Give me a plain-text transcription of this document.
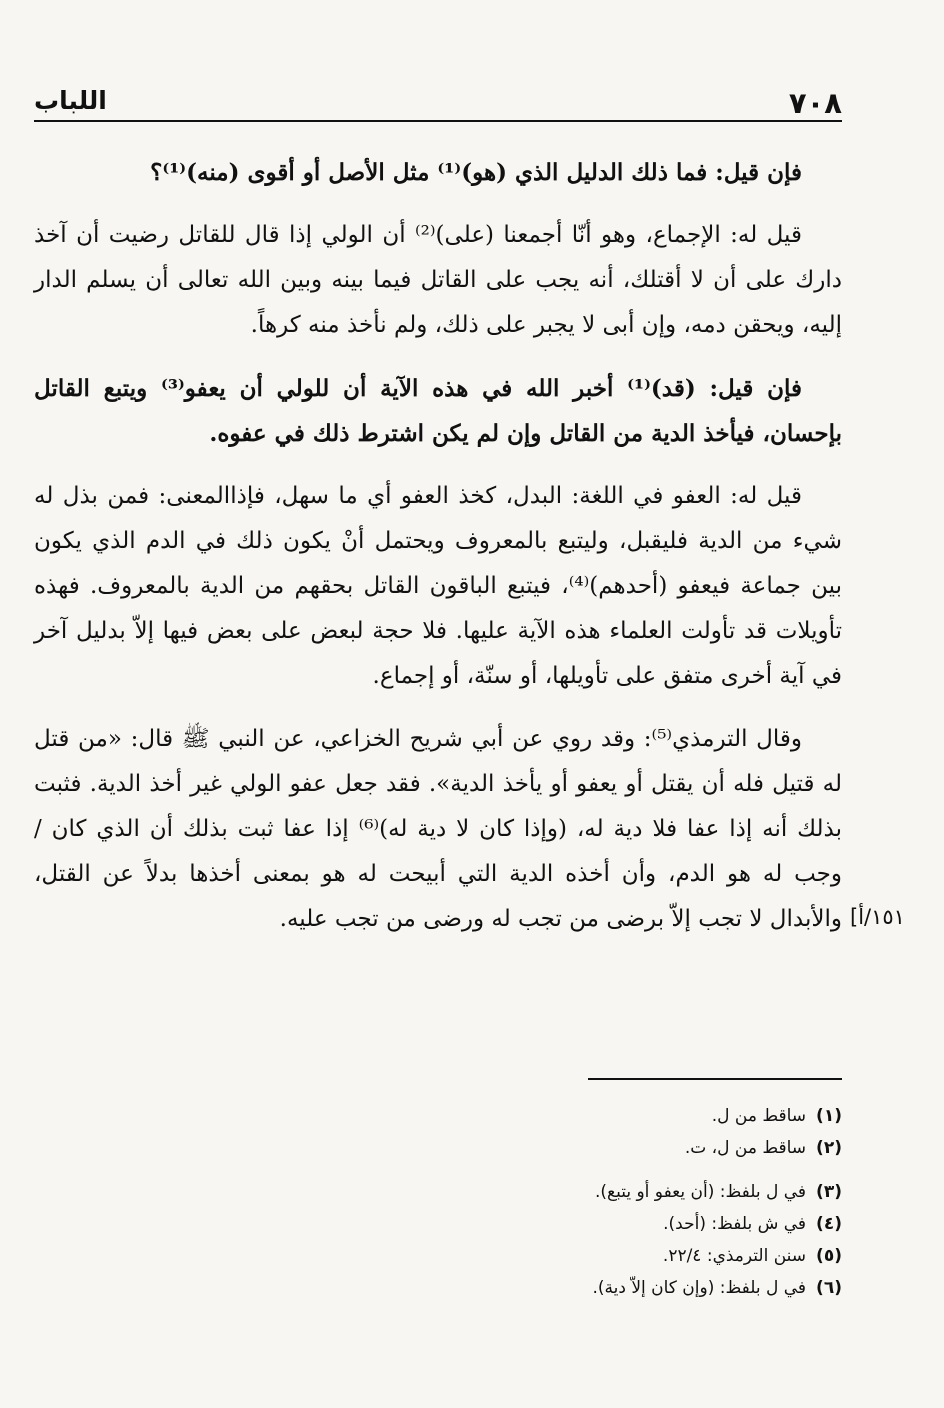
٧٠٨
اللباب

فإن قيل: فما ذلك الدليل الذي (هو)⁽¹⁾ مثل الأصل أو أقوى (منه)⁽¹⁾؟

قيل له: الإجماع، وهو أنّا أجمعنا (على)⁽²⁾ أن الولي إذا قال للقاتل رضيت أن آخذ دارك على أن لا أقتلك، أنه يجب على القاتل فيما بينه وبين الله تعالى أن يسلم الدار إليه، ويحقن دمه، وإن أبى لا يجبر على ذلك، ولم نأخذ منه كرهاً.

فإن قيل: (قد)⁽¹⁾ أخبر الله في هذه الآية أن للولي أن يعفو⁽³⁾ ويتبع القاتل بإحسان، فيأخذ الدية من القاتل وإن لم يكن اشترط ذلك في عفوه.

قيل له: العفو في اللغة: البدل، كخذ العفو أي ما سهل، فإذاالمعنى: فمن بذل له شيء من الدية فليقبل، وليتبع بالمعروف ويحتمل أنْ يكون ذلك في الدم الذي يكون بين جماعة فيعفو (أحدهم)⁽⁴⁾، فيتبع الباقون القاتل بحقهم من الدية بالمعروف. فهذه تأويلات قد تأولت العلماء هذه الآية عليها. فلا حجة لبعض على بعض فيها إلاّ بدليل آخر في آية أخرى متفق على تأويلها، أو سنّة، أو إجماع.

وقال الترمذي⁽⁵⁾: وقد روي عن أبي شريح الخزاعي، عن النبي ﷺ قال: «من قتل له قتيل فله أن يقتل أو يعفو أو يأخذ الدية». فقد جعل عفو الولي غير أخذ الدية. فثبت بذلك أنه إذا عفا فلا دية له، (وإذا كان لا دية له)⁽⁶⁾ إذا عفا ثبت بذلك أن الذي كان / وجب له هو الدم، وأن أخذه الدية التي أبيحت له هو بمعنى أخذها بدلاً عن القتل، والأبدال لا تجب إلاّ برضى من تجب له ورضى من تجب عليه. ١٥١/أ]
(١)ساقط من ل.
(٢)ساقط من ل، ت.
(٣)في ل بلفظ: (أن يعفو أو يتبع).
(٤)في ش بلفظ: (أحد).
(٥)سنن الترمذي: ٢٢/٤.
(٦)في ل بلفظ: (وإن كان إلاّ دية).
